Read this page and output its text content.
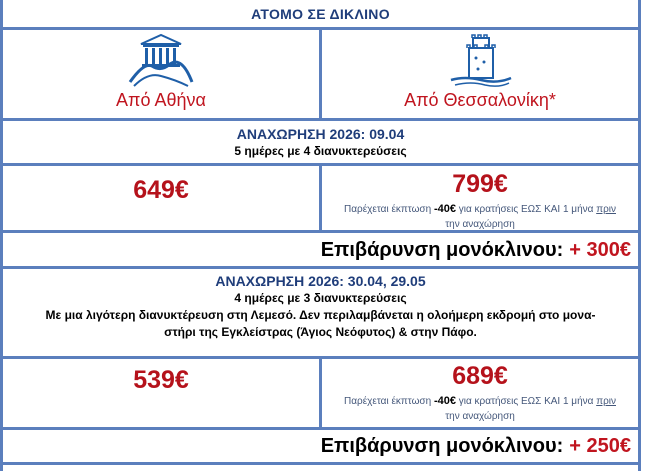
ΑΤΟΜΟ ΣΕ ΔΙΚΛΙΝΟ
Από Αθήνα	Από Θεσσαλονίκη*
ΑΝΑΧΩΡΗΣΗ 2026: 09.04
5 ημέρες με 4 διανυκτερεύσεις
649€	799€
Παρέχεται έκπτωση -40€ για κρατήσεις ΕΩΣ ΚΑΙ 1 μήνα πριν
την αναχώρηση
Επιβάρυνση μονόκλινου: + 300€
ΑΝΑΧΩΡΗΣΗ 2026: 30.04, 29.05
4 ημέρες με 3 διανυκτερεύσεις
Με μια λιγότερη διανυκτέρευση στη Λεμεσό. Δεν περιλαμβάνεται η ολοήμερη εκδρομή στο μονα-
στήρι της Εγκλείστρας (Άγιος Νεόφυτος) & στην Πάφο.
539€	689€
Παρέχεται έκπτωση -40€ για κρατήσεις ΕΩΣ ΚΑΙ 1 μήνα πριν
την αναχώρηση
Επιβάρυνση μονόκλινου: + 250€
